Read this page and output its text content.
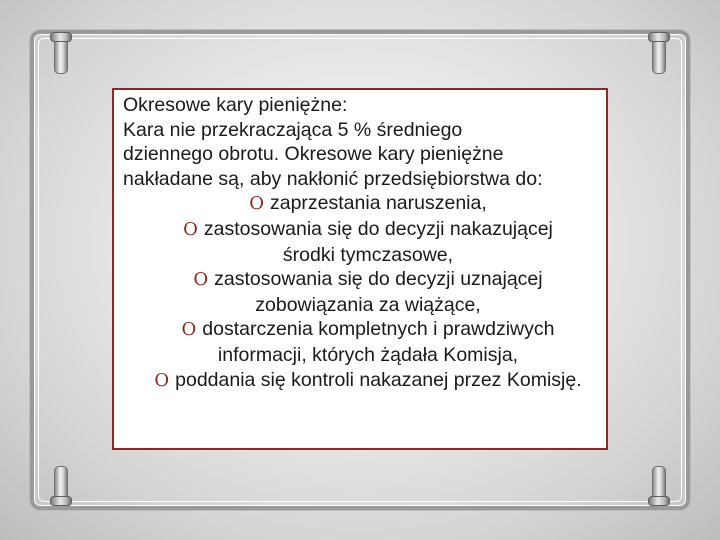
Okresowe kary pieniężne:

Kara nie przekraczająca 5 % średniego

dziennego obrotu. Okresowe kary pieniężne

nakładane są, aby nakłonić przedsiębiorstwa do:

O zaprzestania naruszenia,

O zastosowania się do decyzji nakazującej

środki tymczasowe,

O zastosowania się do decyzji uznającej

zobowiązania za wiążące,

O dostarczenia kompletnych i prawdziwych

informacji, których żądała Komisja,

O poddania się kontroli nakazanej przez Komisję.
